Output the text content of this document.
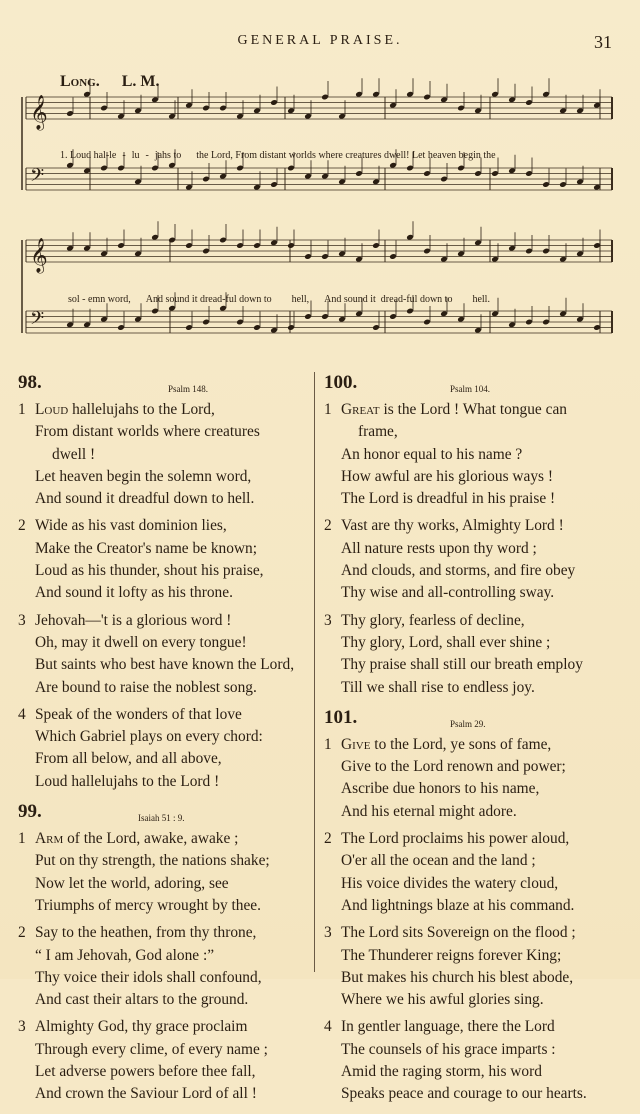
GENERAL PRAISE.	31
Long. L. M.
𝄞
𝄢
𝄞
𝄢
1. Loud hal-le - lu - jahs to    the Lord, From distant worlds where creatures dwell! Let heaven begin the
sol - emn word,   And sound it dread-ful down to    hell,   And sound it  dread-ful down to   hell.
98.	Psalm 148.
1 Loud hallelujahs to the Lord,
From distant worlds where creatures
dwell !
Let heaven begin the solemn word,
And sound it dreadful down to hell.
2 Wide as his vast dominion lies,
Make the Creator's name be known;
Loud as his thunder, shout his praise,
And sound it lofty as his throne.
3 Jehovah—'t is a glorious word !
Oh, may it dwell on every tongue!
But saints who best have known the Lord,
Are bound to raise the noblest song.
4 Speak of the wonders of that love
Which Gabriel plays on every chord:
From all below, and all above,
Loud hallelujahs to the Lord !
99.	Isaiah 51 : 9.
1 Arm of the Lord, awake, awake ;
Put on thy strength, the nations shake;
Now let the world, adoring, see
Triumphs of mercy wrought by thee.
2 Say to the heathen, from thy throne,
“ I am Jehovah, God alone :”
Thy voice their idols shall confound,
And cast their altars to the ground.
3 Almighty God, thy grace proclaim
Through every clime, of every name ;
Let adverse powers before thee fall,
And crown the Saviour Lord of all !
100.	Psalm 104.
1 Great is the Lord ! What tongue can
frame,
An honor equal to his name ?
How awful are his glorious ways !
The Lord is dreadful in his praise !
2 Vast are thy works, Almighty Lord !
All nature rests upon thy word ;
And clouds, and storms, and fire obey
Thy wise and all-controlling sway.
3 Thy glory, fearless of decline,
Thy glory, Lord, shall ever shine ;
Thy praise shall still our breath employ
Till we shall rise to endless joy.
101.	Psalm 29.
1 Give to the Lord, ye sons of fame,
Give to the Lord renown and power;
Ascribe due honors to his name,
And his eternal might adore.
2 The Lord proclaims his power aloud,
O'er all the ocean and the land ;
His voice divides the watery cloud,
And lightnings blaze at his command.
3 The Lord sits Sovereign on the flood ;
The Thunderer reigns forever King;
But makes his church his blest abode,
Where we his awful glories sing.
4 In gentler language, there the Lord
The counsels of his grace imparts :
Amid the raging storm, his word
Speaks peace and courage to our hearts.
